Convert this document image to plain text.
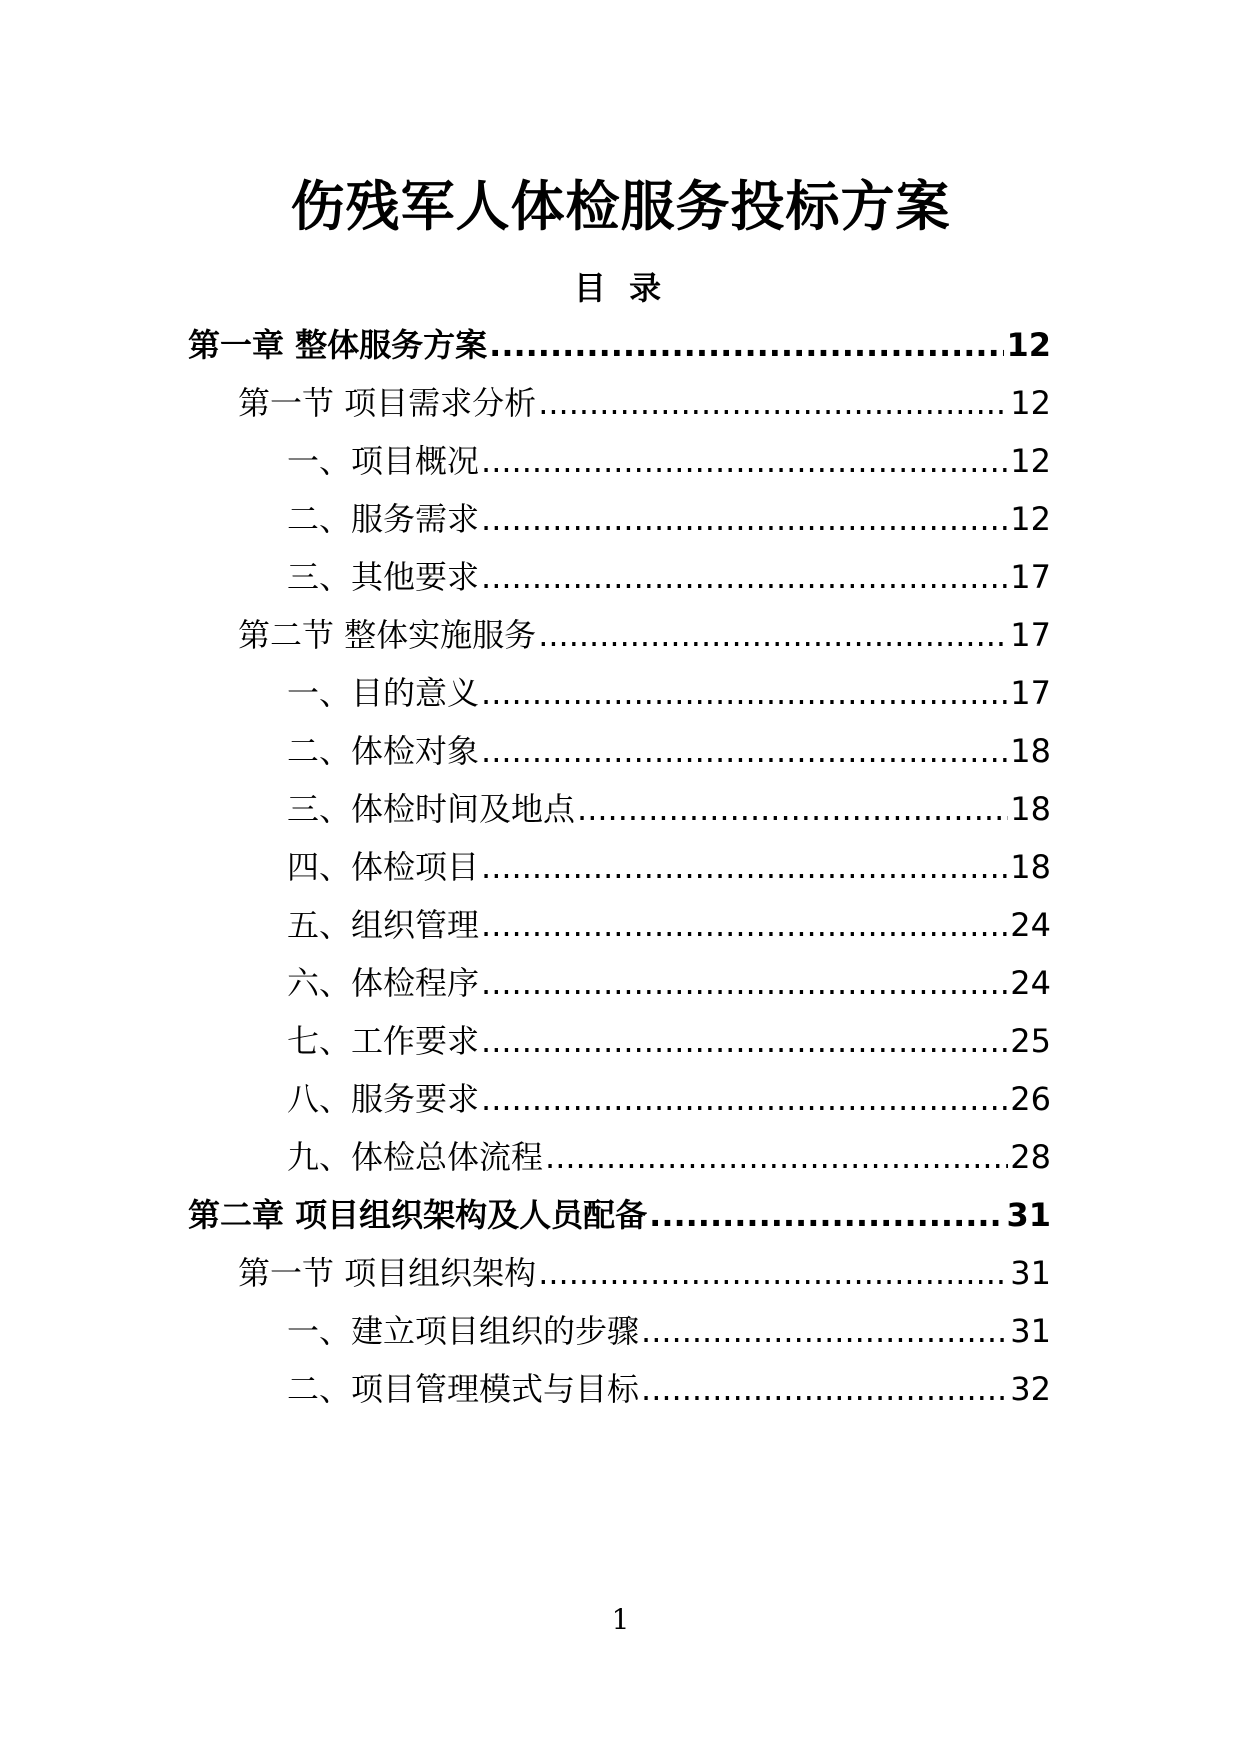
伤残军人体检服务投标方案
目 录
第一章 整体服务方案 .....	12
第一节 项目需求分析 .....	12
一、项目概况 .....	12
二、服务需求 .....	12
三、其他要求 .....	17
第二节 整体实施服务 .....	17
一、目的意义 .....	17
二、体检对象 .....	18
三、体检时间及地点 .....	18
四、体检项目 .....	18
五、组织管理 .....	24
六、体检程序 .....	24
七、工作要求 .....	25
八、服务要求 .....	26
九、体检总体流程 .....	28
第二章 项目组织架构及人员配备 .....	31
第一节 项目组织架构 .....	31
一、建立项目组织的步骤 .....	31
二、项目管理模式与目标 .....	32
1
